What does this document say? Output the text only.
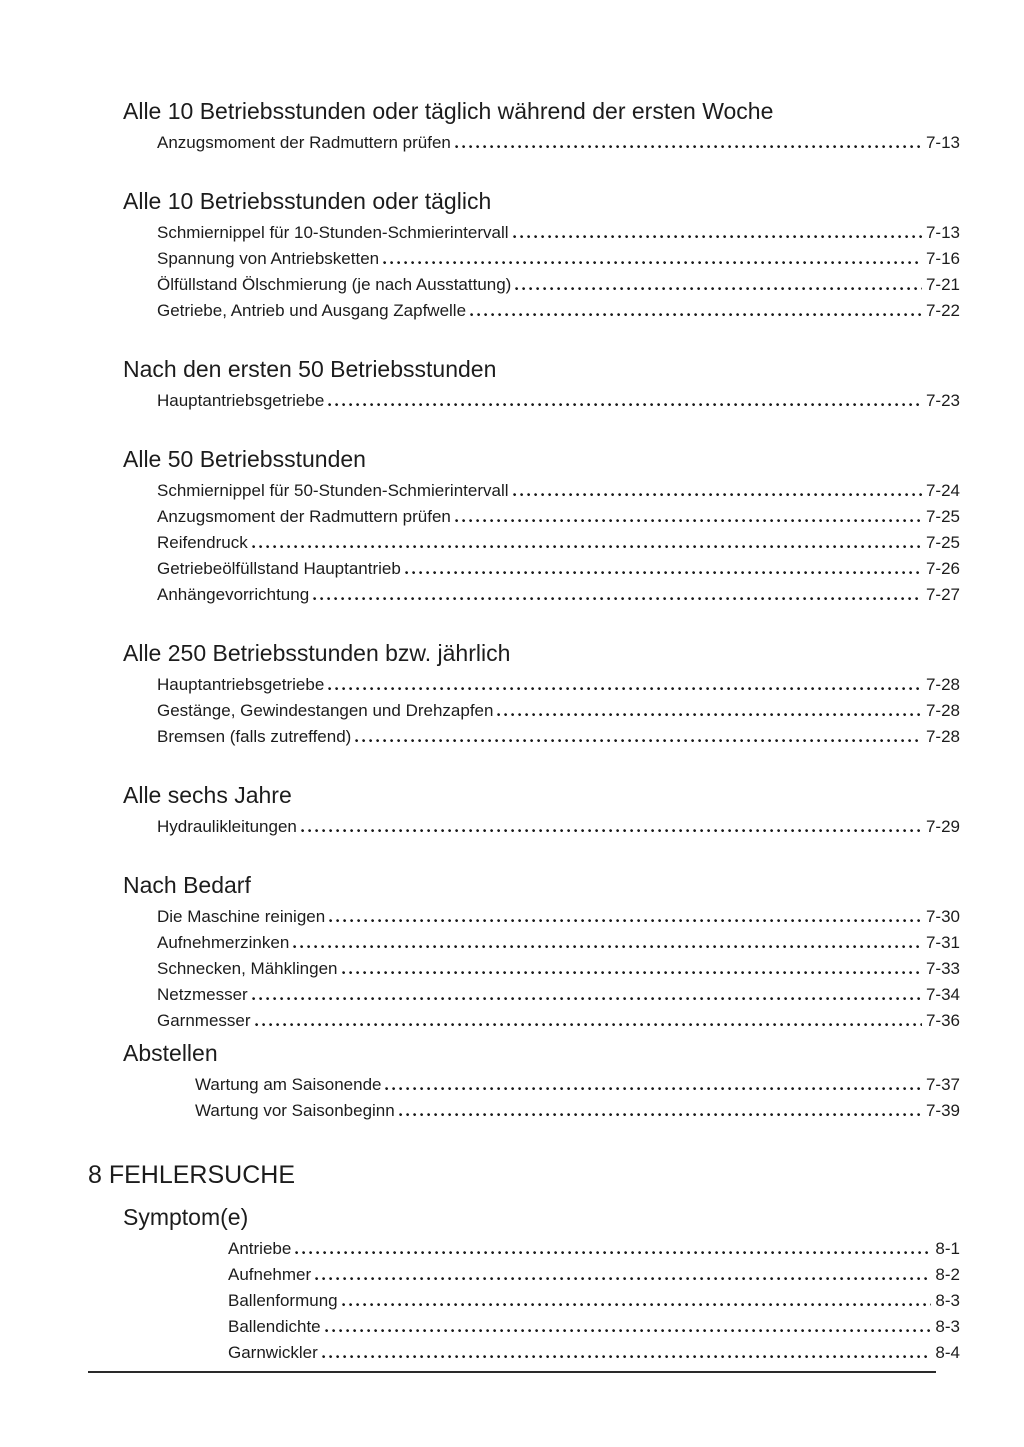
Alle 10 Betriebsstunden oder täglich während der ersten Woche
Anzugsmoment der Radmuttern prüfen	7-13
Alle 10 Betriebsstunden oder täglich
Schmiernippel für 10-Stunden-Schmierintervall	7-13
Spannung von Antriebsketten	7-16
Ölfüllstand Ölschmierung (je nach Ausstattung)	7-21
Getriebe, Antrieb und Ausgang Zapfwelle	7-22
Nach den ersten 50 Betriebsstunden
Hauptantriebsgetriebe	7-23
Alle 50 Betriebsstunden
Schmiernippel für 50-Stunden-Schmierintervall	7-24
Anzugsmoment der Radmuttern prüfen	7-25
Reifendruck	7-25
Getriebeölfüllstand Hauptantrieb	7-26
Anhängevorrichtung	7-27
Alle 250 Betriebsstunden bzw. jährlich
Hauptantriebsgetriebe	7-28
Gestänge, Gewindestangen und Drehzapfen	7-28
Bremsen (falls zutreffend)	7-28
Alle sechs Jahre
Hydraulikleitungen	7-29
Nach Bedarf
Die Maschine reinigen	7-30
Aufnehmerzinken	7-31
Schnecken, Mähklingen	7-33
Netzmesser	7-34
Garnmesser	7-36
Abstellen
Wartung am Saisonende	7-37
Wartung vor Saisonbeginn	7-39
8 FEHLERSUCHE
Symptom(e)
Antriebe	8-1
Aufnehmer	8-2
Ballenformung	8-3
Ballendichte	8-3
Garnwickler	8-4
